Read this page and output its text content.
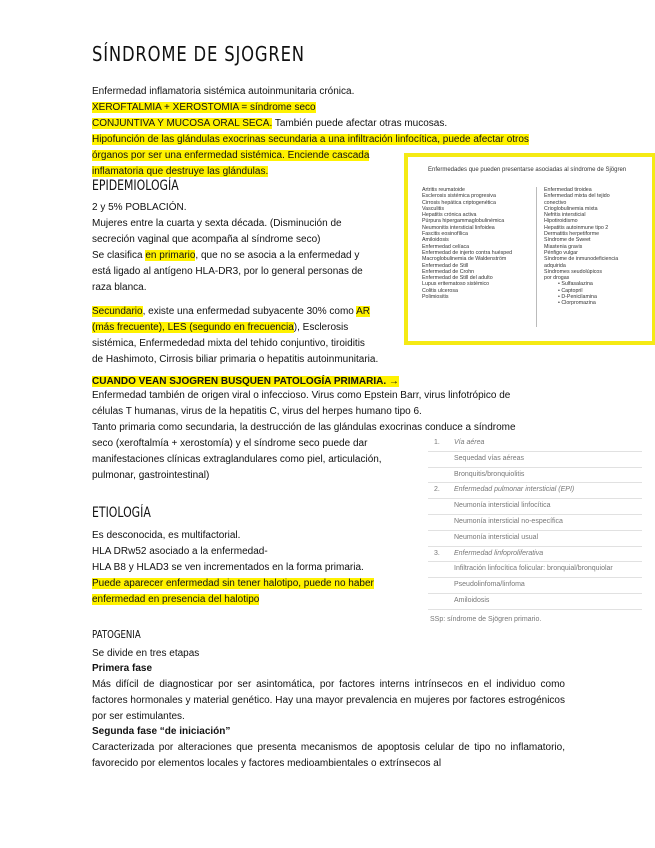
SÍNDROME DE SJOGREN
Enfermedad inflamatoria sistémica autoinmunitaria crónica.
XEROFTALMIA + XEROSTOMIA = síndrome seco
CONJUNTIVA Y MUCOSA ORAL SECA. También puede afectar otras mucosas.
Hipofunción de las glándulas exocrinas secundaria a una infiltración linfocítica, puede afectar otros
órganos por ser una enfermedad sistémica. Enciende cascada
inflamatoria que destruye las glándulas.
EPIDEMIOLOGÍA
2 y 5% POBLACIÓN.
Mujeres entre la cuarta y sexta década. (Disminución de
secreción vaginal que acompaña al síndrome seco)
Se clasifica en primario, que no se asocia a la enfermedad y
está ligado al antígeno HLA-DR3, por lo general personas de
raza blanca.
Secundario, existe una enfermedad subyacente 30% como AR
(más frecuente), LES (segundo en frecuencia), Esclerosis
sistémica, Enfermededad mixta del tehido conjuntivo, tiroiditis
de Hashimoto, Cirrosis biliar primaria o hepatitis autoinmunitaria.
CUANDO VEAN SJOGREN BUSQUEN PATOLOGÍA PRIMARIA. →
Enfermedad también de origen viral o infeccioso. Virus como Epstein Barr, virus linfotrópico de
células T humanas, virus de la hepatitis C, virus del herpes humano tipo 6.
Tanto primaria como secundaria, la destrucción de las glándulas exocrinas conduce a síndrome
seco (xeroftalmía + xerostomía) y el síndrome seco puede dar
manifestaciones clínicas extraglandulares como piel, articulación,
pulmonar, gastrointestinal)
ETIOLOGÍA
Es desconocida, es multifactorial.
HLA DRw52 asociado a la enfermedad-
HLA B8 y HLAD3 se ven incrementados en la forma primaria.
Puede aparecer enfermedad sin tener halotipo, puede no haber
enfermedad en presencia del halotipo
PATOGENIA
Se divide en tres etapas
Primera fase
Más difícil de diagnosticar por ser asintomática, por factores interns intrínsecos en el individuo como factores hormonales y material genético. Hay una mayor prevalencia en mujeres por factores estrogénicos por ser estimulantes.
Segunda fase “de iniciación”
Caracterizada por alteraciones que presenta mecanismos de apoptosis celular de tipo no inflamatorio, favorecido por elementos locales y factores medioambientales o extrínsecos al
Enfermedades que pueden presentarse asociadas al síndrome de Sjögren
Artritis reumatoide
Esclerosis sistémica progresiva
Cirrosis hepática criptogenética
Vasculitis
Hepatitis crónica activa
Púrpura hipergammaglobulinémica
Neumonitis intersticial linfoidea
Fascitis eosinofílica
Amiloidosis
Enfermedad celíaca
Enfermedad de injerto contra huésped
Macroglobulinemia de Waldenström
Enfermedad de Still
Enfermedad de Crohn
Enfermedad de Still del adulto
Lupus eritematoso sistémico
Colitis ulcerosa
Polimiositis
Enfermedad tiroidea
Enfermedad mixta del tejido
conectivo
Crioglobulinemia mixta
Nefritis intersticial
Hipotiroidismo
Hepatitis autoinmune tipo 2
Dermatitis herpetiforme
Síndrome de Sweet
Miastenia gravis
Pénfigo vulgar
Síndrome de inmunodeficiencia
adquirida
Síndromes seudolúpicos
por drogas
• Sulfasalazina
• Captopril
• D-Penicilamina
• Clorpromazina
1. Vía aérea
Sequedad vías aéreas
Bronquitis/bronquiolitis
2. Enfermedad pulmonar intersticial (EPI)
Neumonía intersticial linfocítica
Neumonía intersticial no-específica
Neumonía intersticial usual
3. Enfermedad linfoproliferativa
Infiltración linfocítica folicular: bronquial/bronquiolar
Pseudolinfoma/linfoma
Amiloidosis
SSp: síndrome de Sjögren primario.
